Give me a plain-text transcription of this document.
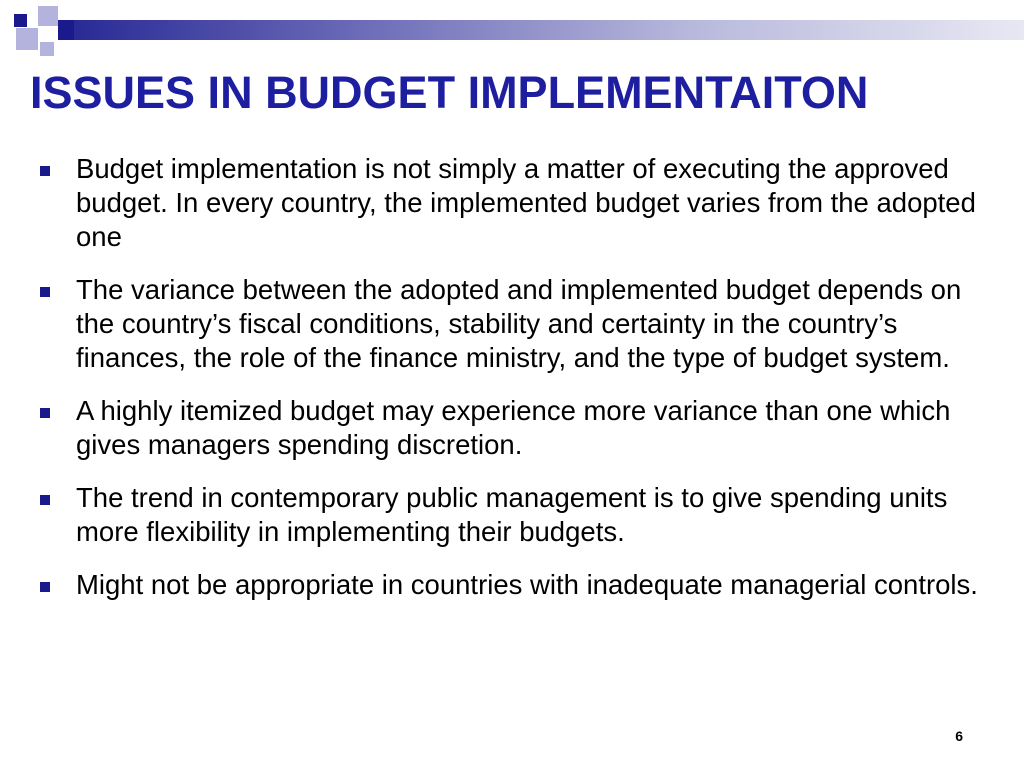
ISSUES IN BUDGET IMPLEMENTAITON
Budget implementation is not simply a matter of executing the approved budget. In every country, the implemented budget varies from the adopted one
The variance between the adopted and implemented budget depends on the country’s fiscal conditions, stability and certainty in the country’s finances, the role of the finance ministry, and the type of budget system.
A highly itemized budget may experience more variance than one which gives managers spending discretion.
The trend in contemporary public management is to give spending units more flexibility in implementing their budgets.
Might not be appropriate in countries with inadequate managerial controls.
6
